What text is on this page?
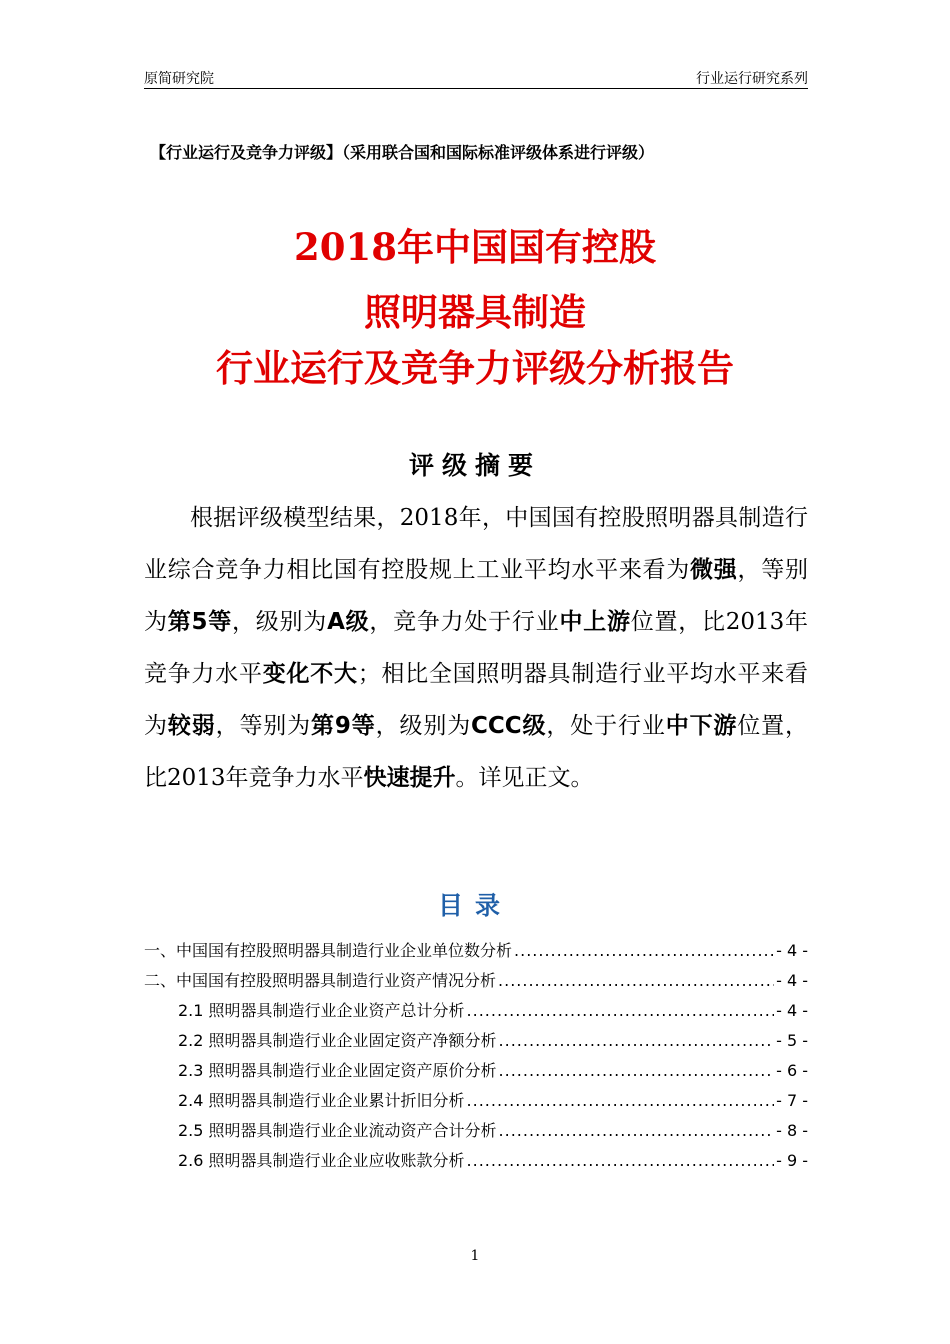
原简研究院	行业运行研究系列
【行业运行及竞争力评级】（采用联合国和国际标准评级体系进行评级）
2018年中国国有控股
照明器具制造
行业运行及竞争力评级分析报告
评级摘要

根据评级模型结果，2018年，中国国有控股照明器具制造行业综合竞争力相比国有控股规上工业平均水平来看为微强，等别为第5等，级别为A级，竞争力处于行业中上游位置，比2013年竞争力水平变化不大；相比全国照明器具制造行业平均水平来看为较弱，等别为第9等，级别为CCC级，处于行业中下游位置，比2013年竞争力水平快速提升。详见正文。

目录
一、中国国有控股照明器具制造行业企业单位数分析 .....	- 4 -
二、中国国有控股照明器具制造行业资产情况分析 .....	- 4 -
2.1 照明器具制造行业企业资产总计分析 .....	- 4 -
2.2 照明器具制造行业企业固定资产净额分析 .....	- 5 -
2.3 照明器具制造行业企业固定资产原价分析 .....	- 6 -
2.4 照明器具制造行业企业累计折旧分析 .....	- 7 -
2.5 照明器具制造行业企业流动资产合计分析 .....	- 8 -
2.6 照明器具制造行业企业应收账款分析 .....	- 9 -
1
